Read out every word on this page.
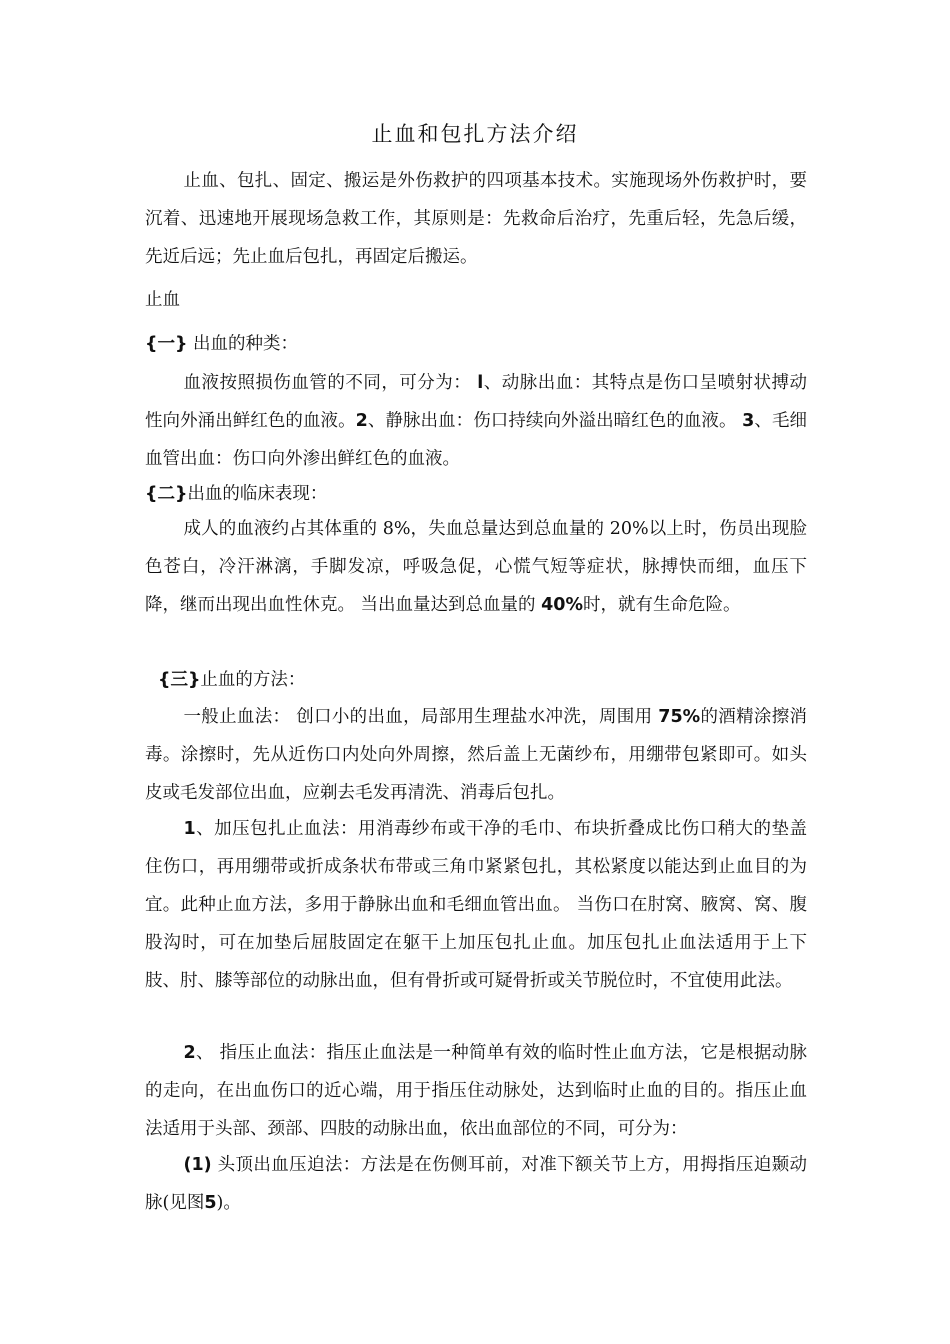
止血和包扎方法介绍

止血、包扎、固定、搬运是外伤救护的四项基本技术。实施现场外伤救护时，要沉着、迅速地开展现场急救工作，其原则是：先救命后治疗，先重后轻，先急后缓，先近后远；先止血后包扎，再固定后搬运。

止血

{一} 出血的种类：

血液按照损伤血管的不同，可分为： l、动脉出血：其特点是伤口呈喷射状搏动性向外涌出鲜红色的血液。2、静脉出血：伤口持续向外溢出暗红色的血液。 3、毛细血管出血：伤口向外渗出鲜红色的血液。

{二}出血的临床表现：

成人的血液约占其体重的 8%，失血总量达到总血量的 20%以上时，伤员出现脸色苍白，冷汗淋漓，手脚发凉，呼吸急促，心慌气短等症状，脉搏快而细，血压下降，继而出现出血性休克。 当出血量达到总血量的 40%时，就有生命危险。

{三}止血的方法：

一般止血法： 创口小的出血，局部用生理盐水冲洗，周围用 75%的酒精涂擦消毒。涂擦时，先从近伤口内处向外周擦，然后盖上无菌纱布，用绷带包紧即可。如头皮或毛发部位出血，应剃去毛发再清洗、消毒后包扎。

1、加压包扎止血法：用消毒纱布或干净的毛巾、布块折叠成比伤口稍大的垫盖住伤口，再用绷带或折成条状布带或三角巾紧紧包扎，其松紧度以能达到止血目的为宜。此种止血方法，多用于静脉出血和毛细血管出血。 当伤口在肘窝、腋窝、窝、腹股沟时，可在加垫后屈肢固定在躯干上加压包扎止血。加压包扎止血法适用于上下肢、肘、膝等部位的动脉出血，但有骨折或可疑骨折或关节脱位时，不宜使用此法。

2、 指压止血法：指压止血法是一种简单有效的临时性止血方法，它是根据动脉的走向，在出血伤口的近心端，用于指压住动脉处，达到临时止血的目的。指压止血法适用于头部、颈部、四肢的动脉出血，依出血部位的不同，可分为：

(1) 头顶出血压迫法：方法是在伤侧耳前，对准下额关节上方，用拇指压迫颞动脉(见图5)。
